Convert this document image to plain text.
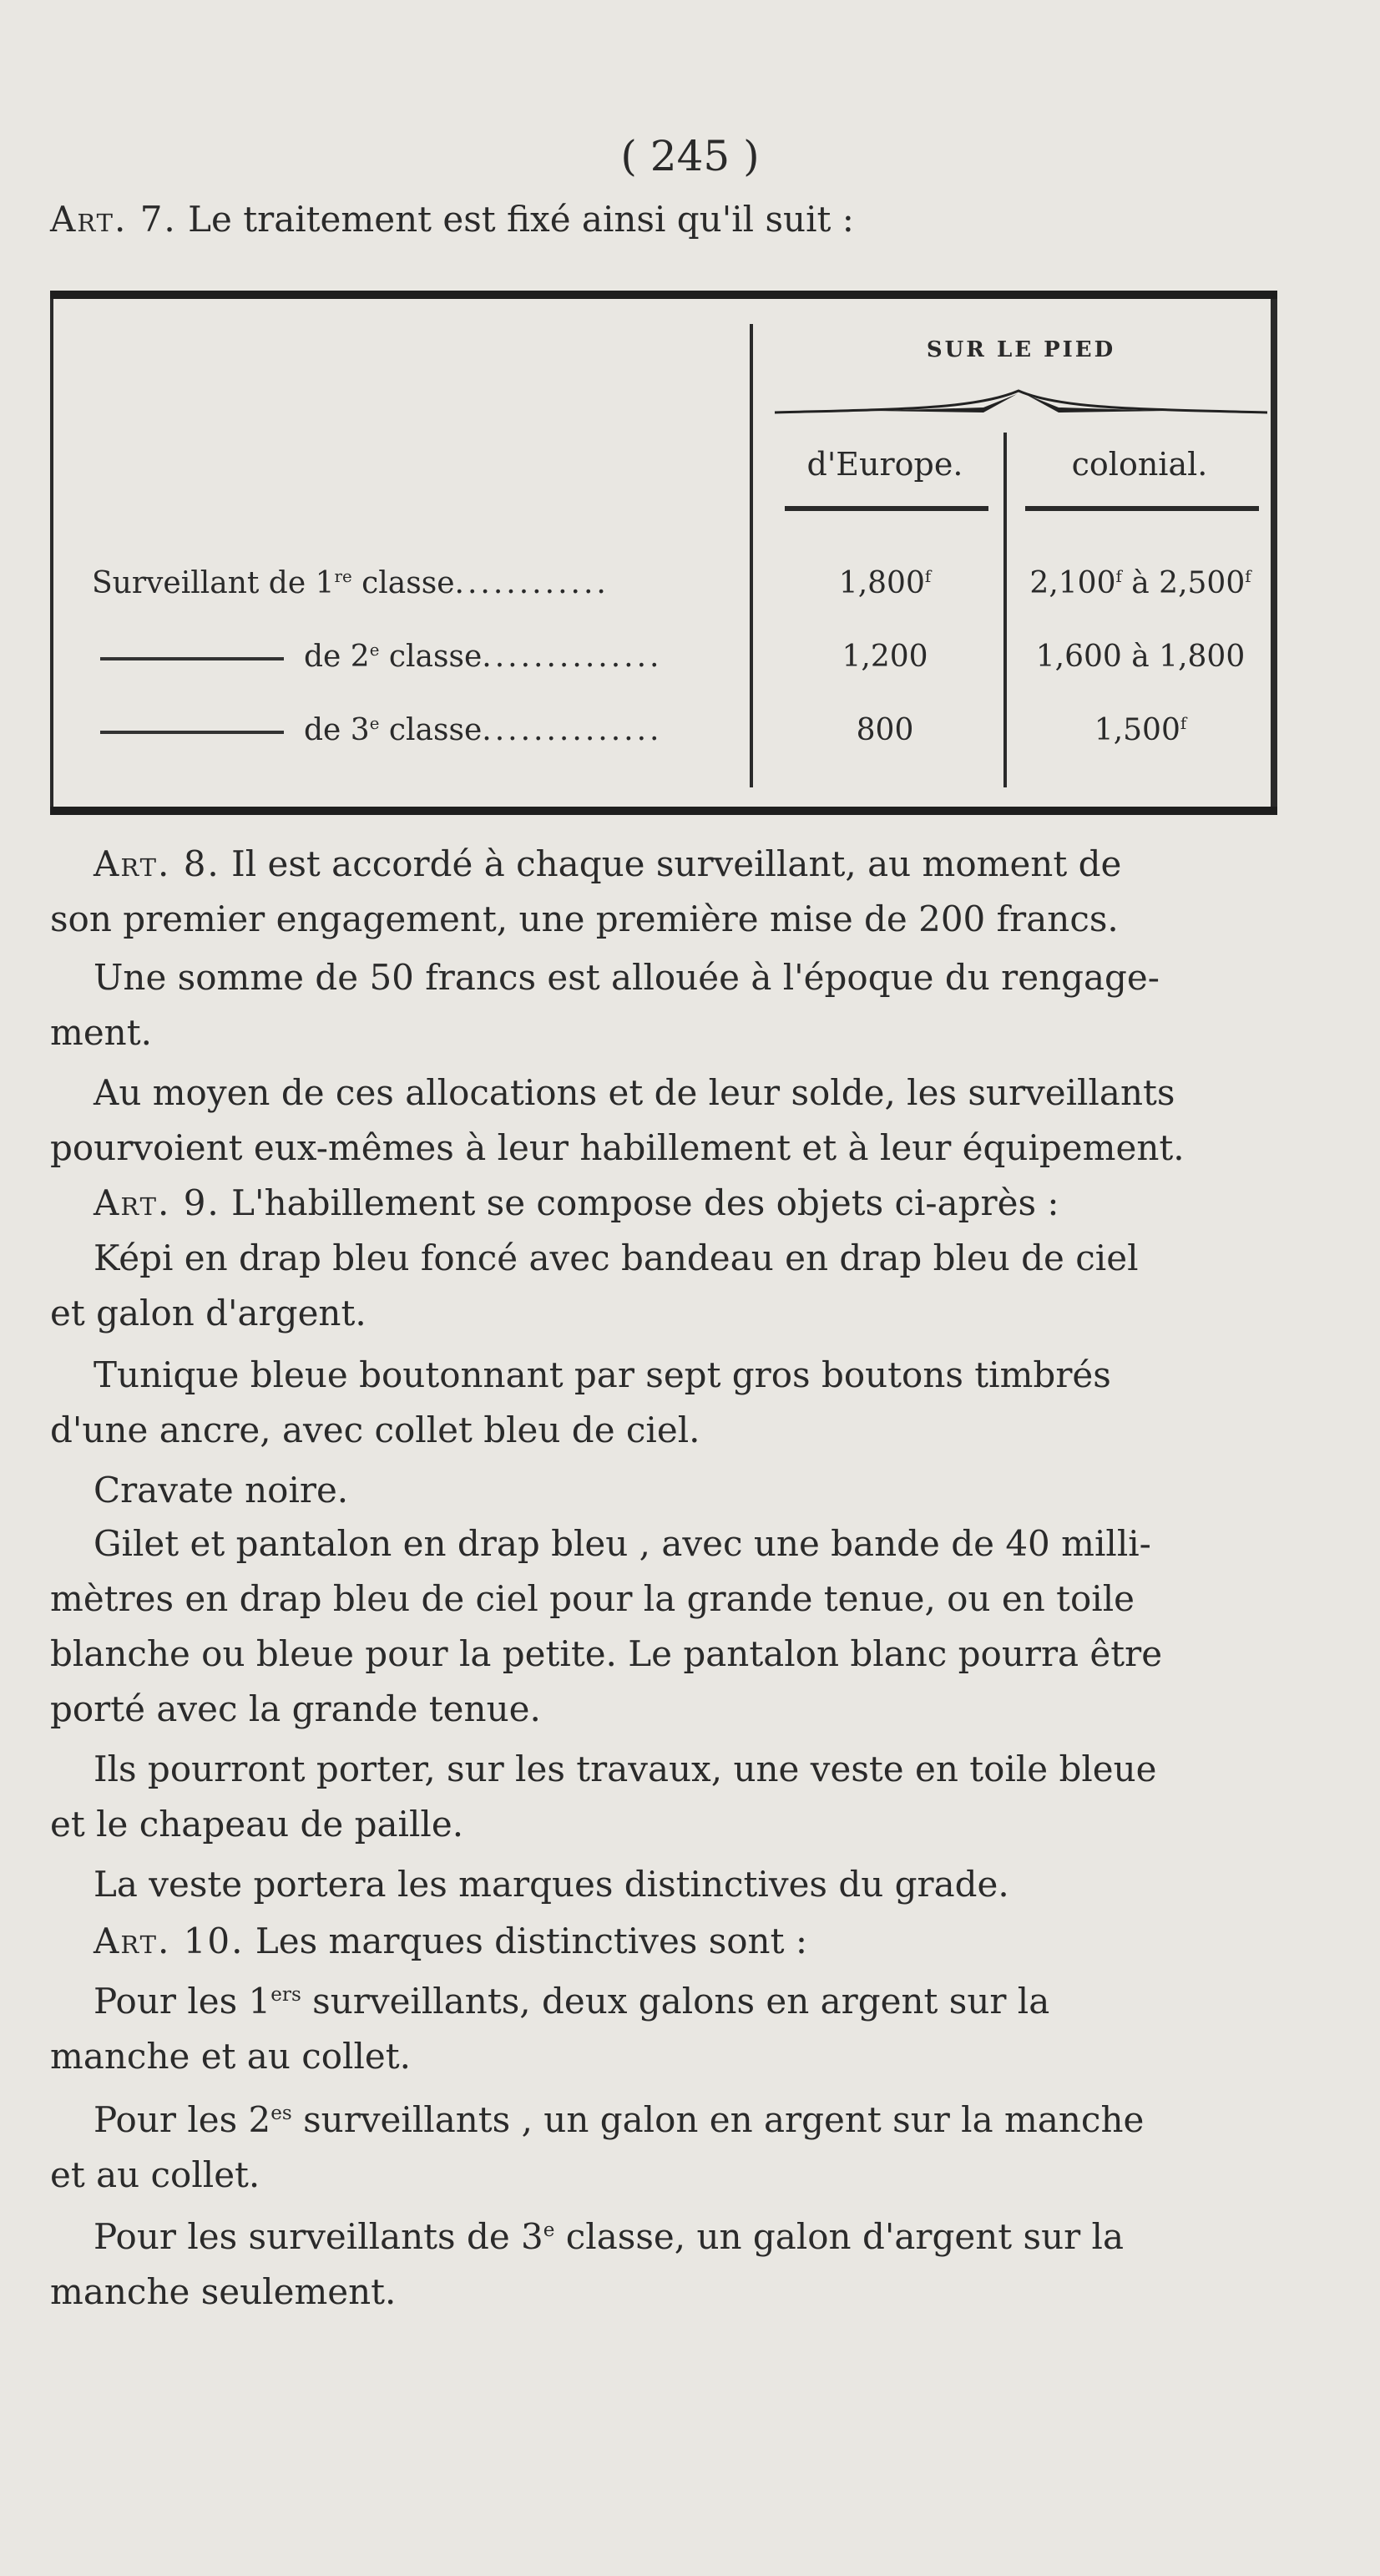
( 245 )
Art. 7. Le traitement est fixé ainsi qu'il suit :
SUR LE PIED
d'Europe.	colonial.
Surveillant de 1re classe............	1,800$^f$	2,100$^f$ à 2,500$^f$
de 2e classe..............	1,200	1,600 à 1,800
de 3e classe..............	800	1,500$^f$
Art. 8. Il est accordé à chaque surveillant, au moment de
son premier engagement, une première mise de 200 francs.
Une somme de 50 francs est allouée à l'époque du rengage-
ment.
Au moyen de ces allocations et de leur solde, les surveillants
pourvoient eux-mêmes à leur habillement et à leur équipement.
Art. 9. L'habillement se compose des objets ci-après :
Képi en drap bleu foncé avec bandeau en drap bleu de ciel
et galon d'argent.
Tunique bleue boutonnant par sept gros boutons timbrés
d'une ancre, avec collet bleu de ciel.
Cravate noire.
Gilet et pantalon en drap bleu , avec une bande de 40 milli-
mètres en drap bleu de ciel pour la grande tenue, ou en toile
blanche ou bleue pour la petite. Le pantalon blanc pourra être
porté avec la grande tenue.
Ils pourront porter, sur les travaux, une veste en toile bleue
et le chapeau de paille.
La veste portera les marques distinctives du grade.
Art. 10. Les marques distinctives sont :
Pour les 1ers surveillants, deux galons en argent sur la
manche et au collet.
Pour les $2^{es}$ surveillants , un galon en argent sur la manche
et au collet.
Pour les surveillants de 3e classe, un galon d'argent sur la
manche seulement.
